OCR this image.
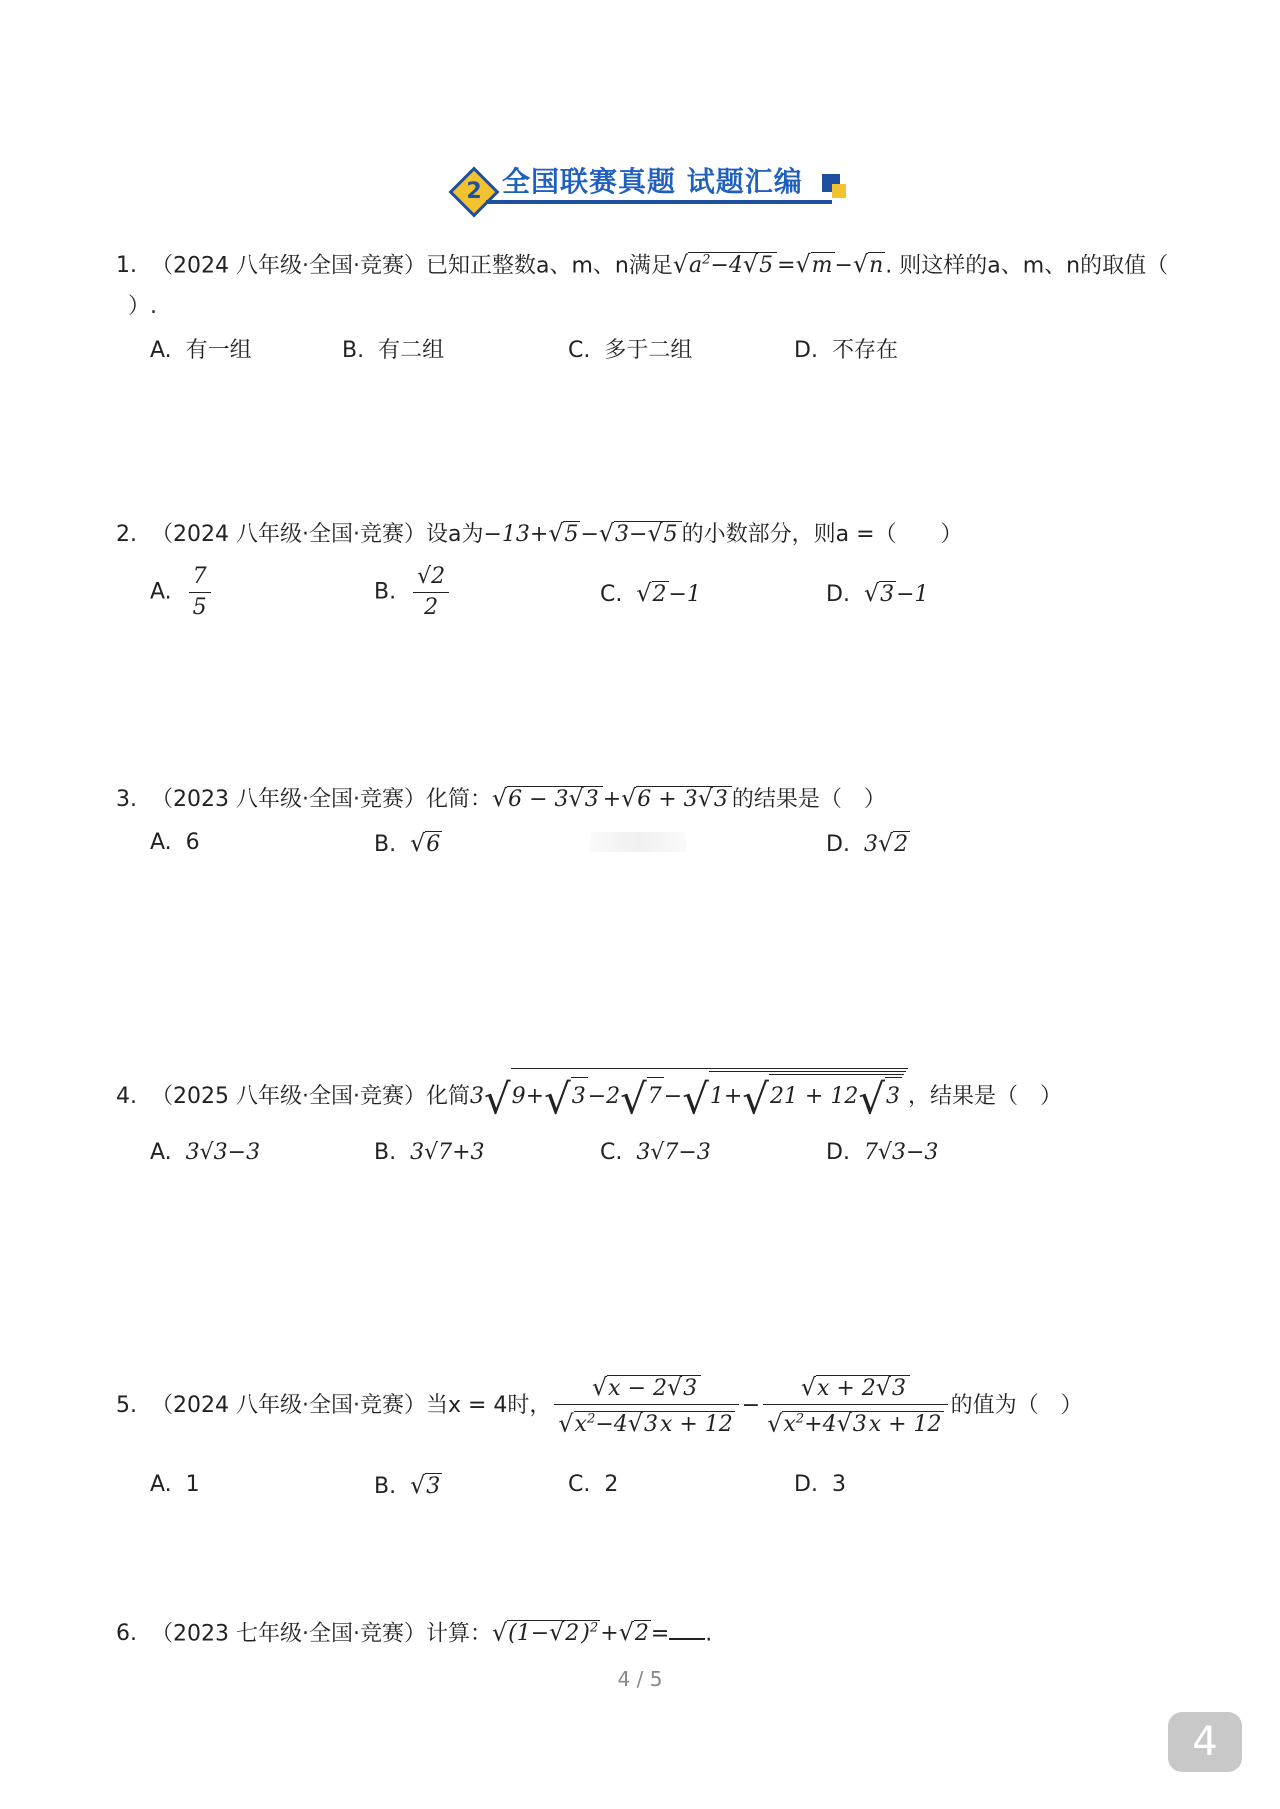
2 全国联赛真题 试题汇编
1. （2024 八年级·全国·竞赛）已知正整数a、m、n满足$√a^2-4√5 =√m-√n$. 则这样的a、m、n的取值（
）.
A. 有一组	B. 有二组	C. 多于二组	D. 不存在
2. （2024 八年级·全国·竞赛）设a为−13+√5−√3−√5 的小数部分，则a =（　　）
A. $\frac{7}{5}$	B. $\frac{√2}{2}$	C. √2−1	D. √3−1
3. （2023 八年级·全国·竞赛）化简：√6 − 3√3 +√6 + 3√3 的结果是（　）
A. 6	B. √6	D. 3√2
4. （2025 八年级·全国·竞赛）化简3√9+√3−2√7−√1+√21 + 12√3 ，结果是（　）
A. 3√3−3	B. 3√7+3	C. 3√7−3	D. 7√3−3
5. （2024 八年级·全国·竞赛）当x = 4时， $\frac{√x - 2√3}{√x^2-4√3x + 12} - \frac{√x + 2√3}{√x^2+4√3x + 12}$ 的值为（　）
A. 1	B. √3	C. 2	D. 3
6. （2023 七年级·全国·竞赛）计算：$√(1-√2)^2+√2=$ .
4 / 5
4
